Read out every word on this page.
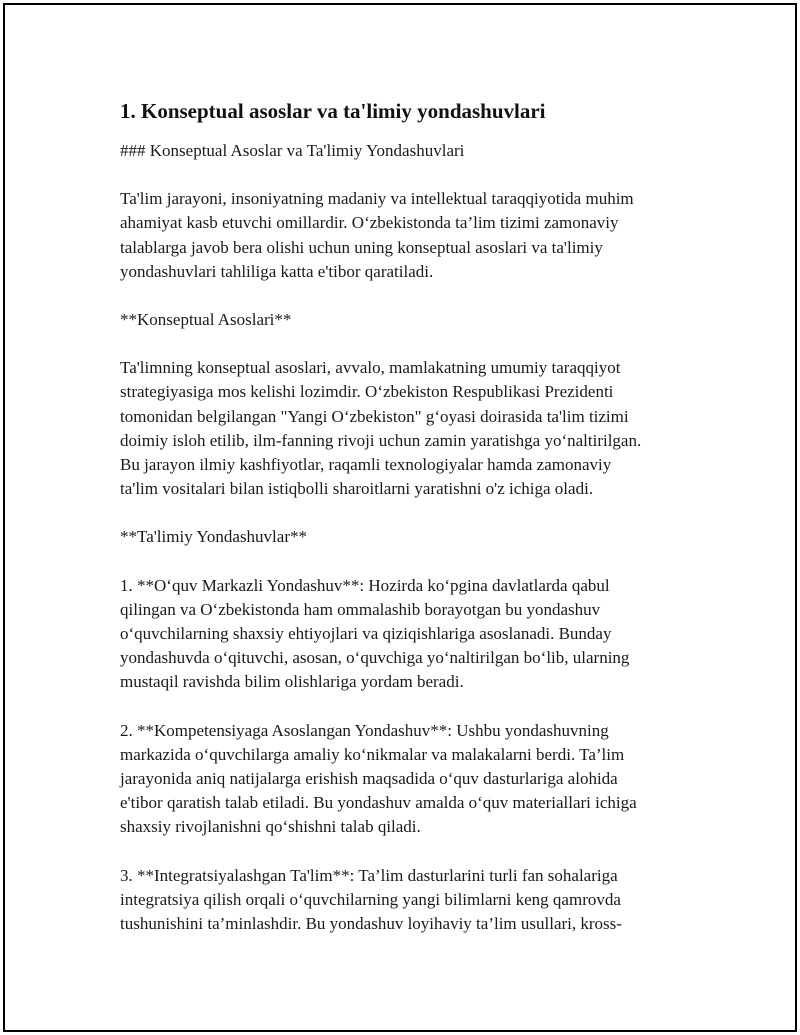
1. Konseptual asoslar va ta'limiy yondashuvlari

### Konseptual Asoslar va Ta'limiy Yondashuvlari

Ta'lim jarayoni, insoniyatning madaniy va intellektual taraqqiyotida muhim
ahamiyat kasb etuvchi omillardir. O‘zbekistonda ta’lim tizimi zamonaviy
talablarga javob bera olishi uchun uning konseptual asoslari va ta'limiy
yondashuvlari tahliliga katta e'tibor qaratiladi.

**Konseptual Asoslari**

Ta'limning konseptual asoslari, avvalo, mamlakatning umumiy taraqqiyot
strategiyasiga mos kelishi lozimdir. O‘zbekiston Respublikasi Prezidenti
tomonidan belgilangan "Yangi O‘zbekiston" g‘oyasi doirasida ta'lim tizimi
doimiy isloh etilib, ilm-fanning rivoji uchun zamin yaratishga yo‘naltirilgan.
Bu jarayon ilmiy kashfiyotlar, raqamli texnologiyalar hamda zamonaviy
ta'lim vositalari bilan istiqbolli sharoitlarni yaratishni o'z ichiga oladi.

**Ta'limiy Yondashuvlar**

1. **O‘quv Markazli Yondashuv**: Hozirda ko‘pgina davlatlarda qabul
qilingan va O‘zbekistonda ham ommalashib borayotgan bu yondashuv
o‘quvchilarning shaxsiy ehtiyojlari va qiziqishlariga asoslanadi. Bunday
yondashuvda o‘qituvchi, asosan, o‘quvchiga yo‘naltirilgan bo‘lib, ularning
mustaqil ravishda bilim olishlariga yordam beradi.

2. **Kompetensiyaga Asoslangan Yondashuv**: Ushbu yondashuvning
markazida o‘quvchilarga amaliy ko‘nikmalar va malakalarni berdi. Ta’lim
jarayonida aniq natijalarga erishish maqsadida o‘quv dasturlariga alohida
e'tibor qaratish talab etiladi. Bu yondashuv amalda o‘quv materiallari ichiga
shaxsiy rivojlanishni qo‘shishni talab qiladi.

3. **Integratsiyalashgan Ta'lim**: Ta’lim dasturlarini turli fan sohalariga
integratsiya qilish orqali o‘quvchilarning yangi bilimlarni keng qamrovda
tushunishini ta’minlashdir. Bu yondashuv loyihaviy ta’lim usullari, kross-
